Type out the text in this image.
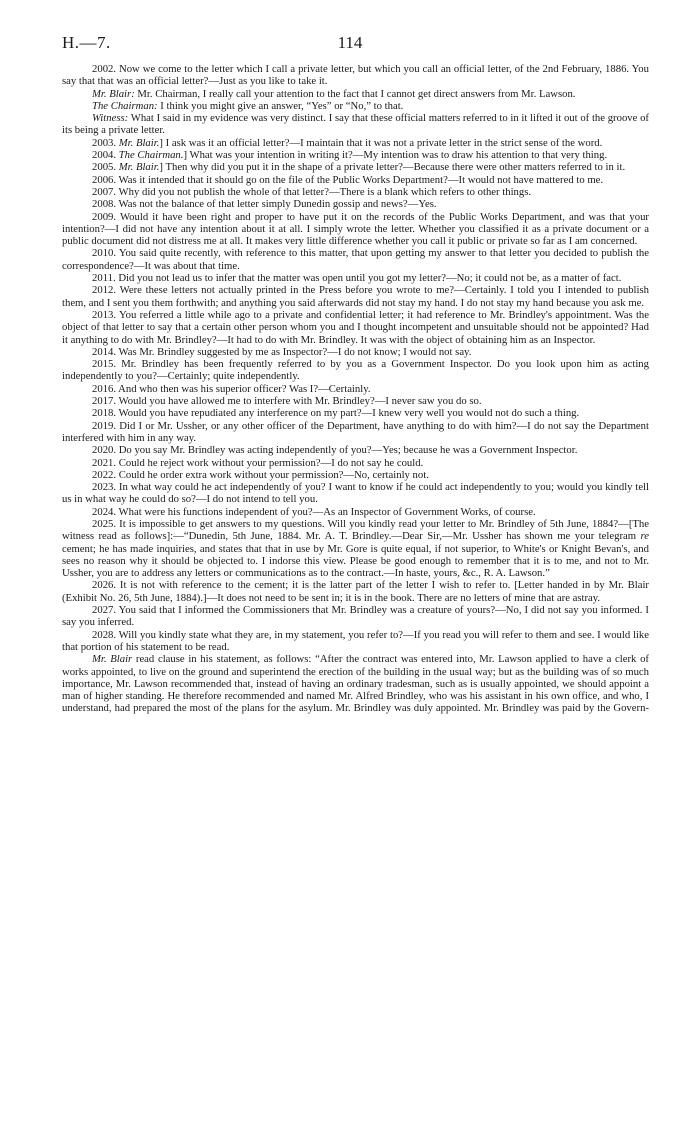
H.—7.	114

2002. Now we come to the letter which I call a private letter, but which you call an official letter, of the 2nd February, 1886. You say that that was an official letter?—Just as you like to take it.

Mr. Blair: Mr. Chairman, I really call your attention to the fact that I cannot get direct answers from Mr. Lawson.

The Chairman: I think you might give an answer, “Yes” or “No,” to that.

Witness: What I said in my evidence was very distinct. I say that these official matters referred to in it lifted it out of the groove of its being a private letter.

2003. Mr. Blair.] I ask was it an official letter?—I maintain that it was not a private letter in the strict sense of the word.

2004. The Chairman.] What was your intention in writing it?—My intention was to draw his attention to that very thing.

2005. Mr. Blair.] Then why did you put it in the shape of a private letter?—Because there were other matters referred to in it.

2006. Was it intended that it should go on the file of the Public Works Department?—It would not have mattered to me.

2007. Why did you not publish the whole of that letter?—There is a blank which refers to other things.

2008. Was not the balance of that letter simply Dunedin gossip and news?—Yes.

2009. Would it have been right and proper to have put it on the records of the Public Works Department, and was that your intention?—I did not have any intention about it at all. I simply wrote the letter. Whether you classified it as a private document or a public document did not distress me at all. It makes very little difference whether you call it public or private so far as I am concerned.

2010. You said quite recently, with reference to this matter, that upon getting my answer to that letter you decided to publish the correspondence?—It was about that time.

2011. Did you not lead us to infer that the matter was open until you got my letter?—No; it could not be, as a matter of fact.

2012. Were these letters not actually printed in the Press before you wrote to me?—Certainly. I told you I intended to publish them, and I sent you them forthwith; and anything you said afterwards did not stay my hand. I do not stay my hand because you ask me.

2013. You referred a little while ago to a private and confidential letter; it had reference to Mr. Brindley's appointment. Was the object of that letter to say that a certain other person whom you and I thought incompetent and unsuitable should not be appointed? Had it anything to do with Mr. Brindley?—It had to do with Mr. Brindley. It was with the object of obtaining him as an Inspector.

2014. Was Mr. Brindley suggested by me as Inspector?—I do not know; I would not say.

2015. Mr. Brindley has been frequently referred to by you as a Government Inspector. Do you look upon him as acting independently to you?—Certainly; quite independently.

2016. And who then was his superior officer? Was I?—Certainly.

2017. Would you have allowed me to interfere with Mr. Brindley?—I never saw you do so.

2018. Would you have repudiated any interference on my part?—I knew very well you would not do such a thing.

2019. Did I or Mr. Ussher, or any other officer of the Department, have anything to do with him?—I do not say the Department interfered with him in any way.

2020. Do you say Mr. Brindley was acting independently of you?—Yes; because he was a Government Inspector.

2021. Could he reject work without your permission?—I do not say he could.

2022. Could he order extra work without your permission?—No, certainly not.

2023. In what way could he act independently of you? I want to know if he could act independently to you; would you kindly tell us in what way he could do so?—I do not intend to tell you.

2024. What were his functions independent of you?—As an Inspector of Government Works, of course.

2025. It is impossible to get answers to my questions. Will you kindly read your letter to Mr. Brindley of 5th June, 1884?—[The witness read as follows]:—“Dunedin, 5th June, 1884. Mr. A. T. Brindley.—Dear Sir,—Mr. Ussher has shown me your telegram re cement; he has made inquiries, and states that that in use by Mr. Gore is quite equal, if not superior, to White's or Knight Bevan's, and sees no reason why it should be objected to. I indorse this view. Please be good enough to remember that it is to me, and not to Mr. Ussher, you are to address any letters or communications as to the contract.—In haste, yours, &c., R. A. Lawson.”

2026. It is not with reference to the cement; it is the latter part of the letter I wish to refer to. [Letter handed in by Mr. Blair (Exhibit No. 26, 5th June, 1884).]—It does not need to be sent in; it is in the book. There are no letters of mine that are astray.

2027. You said that I informed the Commissioners that Mr. Brindley was a creature of yours?—No, I did not say you informed. I say you inferred.

2028. Will you kindly state what they are, in my statement, you refer to?—If you read you will refer to them and see. I would like that portion of his statement to be read.

Mr. Blair read clause in his statement, as follows: “After the contract was entered into, Mr. Lawson applied to have a clerk of works appointed, to live on the ground and superintend the erection of the building in the usual way; but as the building was of so much importance, Mr. Lawson recommended that, instead of having an ordinary tradesman, such as is usually appointed, we should appoint a man of higher standing. He therefore recommended and named Mr. Alfred Brindley, who was his assistant in his own office, and who, I understand, had prepared the most of the plans for the asylum. Mr. Brindley was duly appointed. Mr. Brindley was paid by the Govern-
